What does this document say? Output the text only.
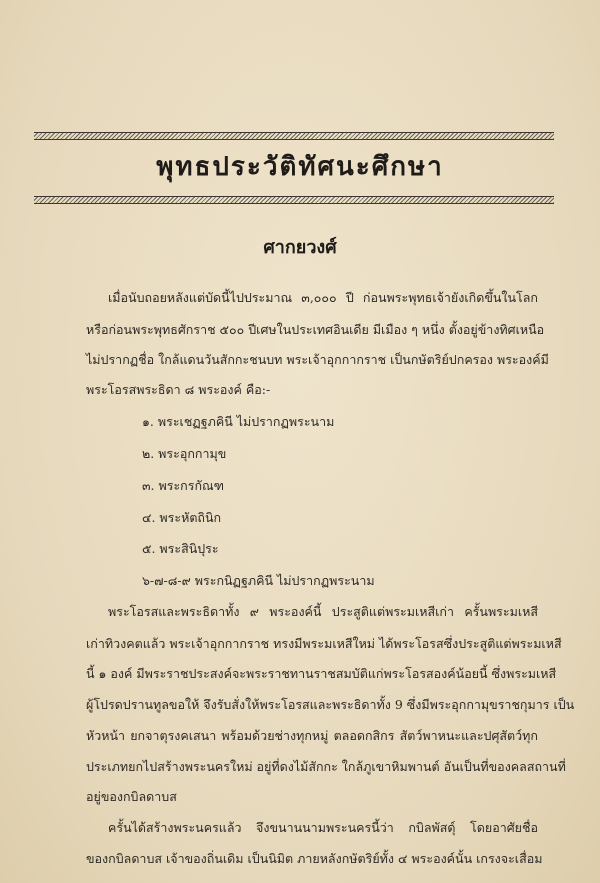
พุทธประวัติทัศนะศึกษา
ศากยวงศ์
เมื่อนับถอยหลังแต่บัดนี้ไปประมาณ ๓,๐๐๐ ปี ก่อนพระพุทธเจ้ายังเกิดขึ้นในโลก
หรือก่อนพระพุทธศักราช ๕๐๐ ปีเศษในประเทศอินเดีย มีเมือง ๆ หนึ่ง ตั้งอยู่ข้างทิศเหนือ
ไม่ปรากฏชื่อ ใกล้แดนวันสักกะชนบท พระเจ้าอุกกากราช เป็นกษัตริย์ปกครอง พระองค์มี
พระโอรสพระธิดา ๘ พระองค์ คือ:-
๑. พระเชฏฐภคินี ไม่ปรากฏพระนาม
๒. พระอุกกามุข
๓. พระกรกัณฑ
๔. พระหัตถินิก
๕. พระสินิปุระ
๖-๗-๘-๙ พระกนิฏฐภคินี ไม่ปรากฏพระนาม
พระโอรสและพระธิดาทั้ง ๙ พระองค์นี้ ประสูติแต่พระมเหสีเก่า ครั้นพระมเหสี
เก่าทิวงคตแล้ว พระเจ้าอุกกากราช ทรงมีพระมเหสีใหม่ ได้พระโอรสซึ่งประสูติแต่พระมเหสี
นี้ ๑ องค์ มีพระราชประสงค์จะพระราชทานราชสมบัติแก่พระโอรสองค์น้อยนี้ ซึ่งพระมเหสี
ผู้โปรดปรานทูลขอให้ จึงรับสั่งให้พระโอรสและพระธิดาทั้ง 9 ซึ่งมีพระอุกกามุขราชกุมาร เป็น
หัวหน้า ยกจาตุรงคเสนา พร้อมด้วยช่างทุกหมู่ ตลอดกสิกร สัตว์พาหนะและปศุสัตว์ทุก
ประเภทยกไปสร้างพระนครใหม่ อยู่ที่ดงไม้สักกะ ใกล้ภูเขาหิมพานต์ อันเป็นที่ของคลสถานที่
อยู่ของกบิลดาบส
ครั้นได้สร้างพระนครแล้ว จึงขนานนามพระนครนี้ว่า กบิลพัสดุ์ โดยอาศัยชื่อ
ของกบิลดาบส เจ้าของถิ่นเดิม เป็นนิมิต ภายหลังกษัตริย์ทั้ง ๔ พระองค์นั้น เกรงจะเสื่อม
